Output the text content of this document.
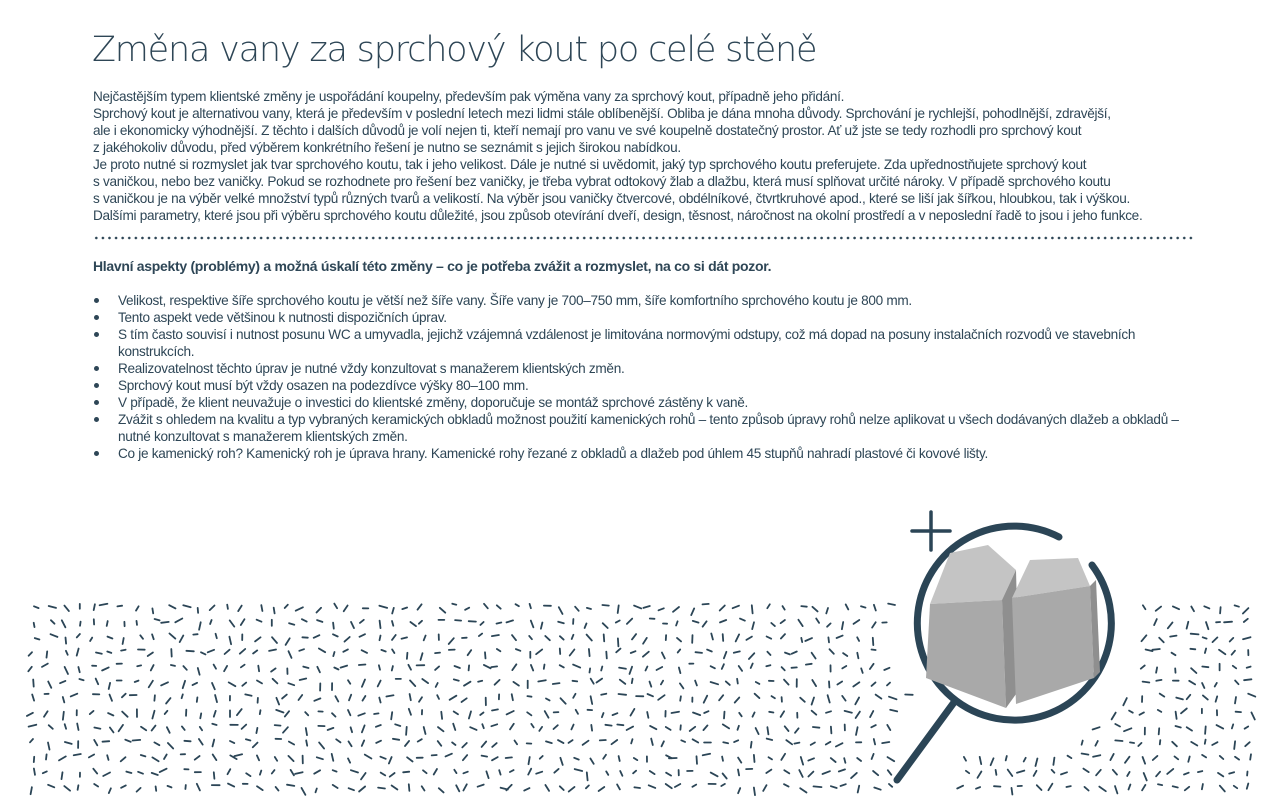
Změna vany za sprchový kout po celé stěně

Nejčastějším typem klientské změny je uspořádání koupelny, především pak výměna vany za sprchový kout, případně jeho přidání.

Sprchový kout je alternativou vany, která je především v poslední letech mezi lidmi stále oblíbenější. Obliba je dána mnoha důvody. Sprchování je rychlejší, pohodlnější, zdravější,

ale i ekonomicky výhodnější. Z těchto i dalších důvodů je volí nejen ti, kteří nemají pro vanu ve své koupelně dostatečný prostor. Ať už jste se tedy rozhodli pro sprchový kout

z jakéhokoliv důvodu, před výběrem konkrétního řešení je nutno se seznámit s jejich širokou nabídkou.

Je proto nutné si rozmyslet jak tvar sprchového koutu, tak i jeho velikost. Dále je nutné si uvědomit, jaký typ sprchového koutu preferujete. Zda upřednostňujete sprchový kout

s vaničkou, nebo bez vaničky. Pokud se rozhodnete pro řešení bez vaničky, je třeba vybrat odtokový žlab a dlažbu, která musí splňovat určité nároky. V případě sprchového koutu

s vaničkou je na výběr velké množství typů různých tvarů a velikostí. Na výběr jsou vaničky čtvercové, obdélníkové, čtvrtkruhové apod., které se liší jak šířkou, hloubkou, tak i výškou.

Dalšími parametry, které jsou při výběru sprchového koutu důležité, jsou způsob otevírání dveří, design, těsnost, náročnost na okolní prostředí a v neposlední řadě to jsou i jeho funkce.

Hlavní aspekty (problémy) a možná úskalí této změny – co je potřeba zvážit a rozmyslet, na co si dát pozor.
Velikost, respektive šíře sprchového koutu je větší než šíře vany. Šíře vany je 700–750 mm, šíře komfortního sprchového koutu je 800 mm.
Tento aspekt vede většinou k nutnosti dispozičních úprav.
S tím často souvisí i nutnost posunu WC a umyvadla, jejichž vzájemná vzdálenost je limitována normovými odstupy, což má dopad na posuny instalačních rozvodů ve stavebních konstrukcích.
Realizovatelnost těchto úprav je nutné vždy konzultovat s manažerem klientských změn.
Sprchový kout musí být vždy osazen na podezdívce výšky 80–100 mm.
V případě, že klient neuvažuje o investici do klientské změny, doporučuje se montáž sprchové zástěny k vaně.
Zvážit s ohledem na kvalitu a typ vybraných keramických obkladů možnost použití kamenických rohů – tento způsob úpravy rohů nelze aplikovat u všech dodávaných dlažeb a obkladů – nutné konzultovat s manažerem klientských změn.
Co je kamenický roh? Kamenický roh je úprava hrany. Kamenické rohy řezané z obkladů a dlažeb pod úhlem 45 stupňů nahradí plastové či kovové lišty.
